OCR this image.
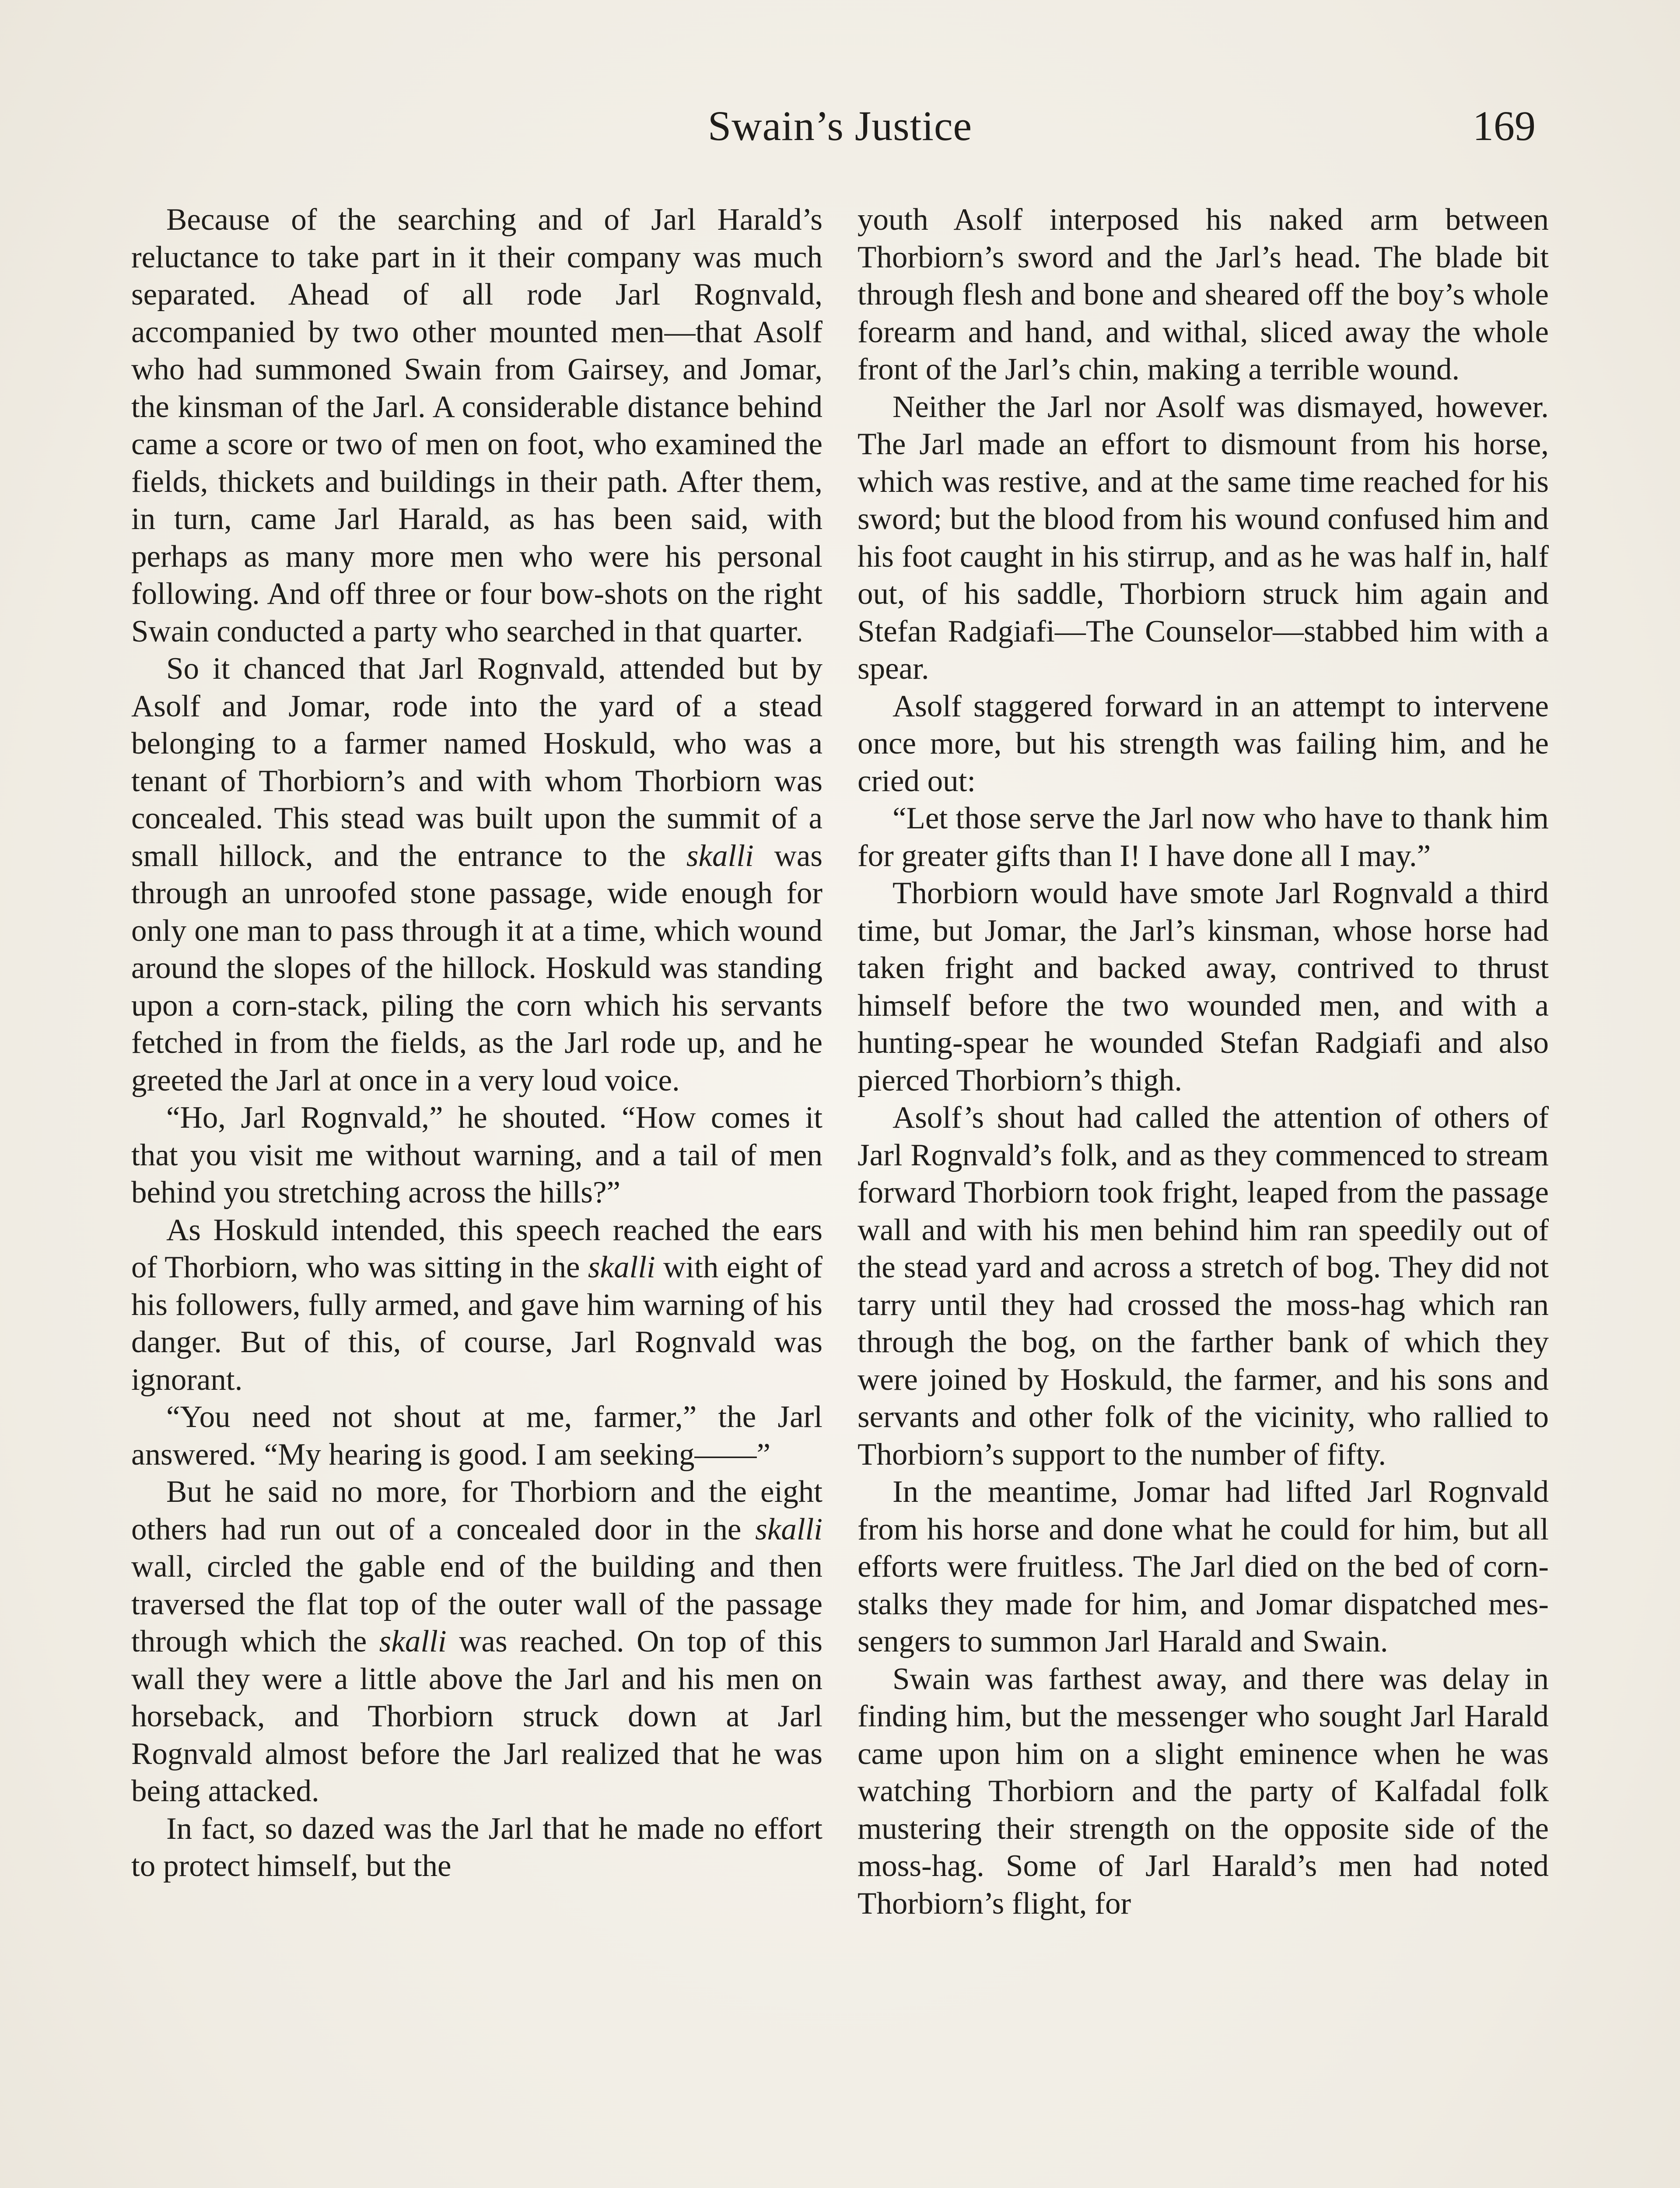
Swain’s Justice	169

Because of the searching and of Jarl Harald’s reluctance to take part in it their company was much separated. Ahead of all rode Jarl Rognvald, accompanied by two other mounted men—that Asolf who had summoned Swain from Gairsey, and Jomar, the kinsman of the Jarl. A considerable distance behind came a score or two of men on foot, who examined the fields, thickets and buildings in their path. After them, in turn, came Jarl Harald, as has been said, with perhaps as many more men who were his personal following. And off three or four bow-shots on the right Swain conducted a party who searched in that quarter.

So it chanced that Jarl Rognvald, attended but by Asolf and Jomar, rode into the yard of a stead belonging to a farmer named Hoskuld, who was a tenant of Thorbiorn’s and with whom Thorbiorn was concealed. This stead was built upon the summit of a small hillock, and the entrance to the skalli was through an unroofed stone passage, wide enough for only one man to pass through it at a time, which wound around the slopes of the hillock. Hoskuld was standing upon a corn-stack, piling the corn which his servants fetched in from the fields, as the Jarl rode up, and he greeted the Jarl at once in a very loud voice.

“Ho, Jarl Rognvald,” he shouted. “How comes it that you visit me without warning, and a tail of men behind you stretching across the hills?”

As Hoskuld intended, this speech reached the ears of Thorbiorn, who was sitting in the skalli with eight of his followers, fully armed, and gave him warning of his danger. But of this, of course, Jarl Rognvald was ignorant.

“You need not shout at me, farmer,” the Jarl answered. “My hearing is good. I am seeking——”

But he said no more, for Thorbiorn and the eight others had run out of a concealed door in the skalli wall, circled the gable end of the building and then traversed the flat top of the outer wall of the passage through which the skalli was reached. On top of this wall they were a little above the Jarl and his men on horseback, and Thorbiorn struck down at Jarl Rognvald almost before the Jarl realized that he was being attacked.

In fact, so dazed was the Jarl that he made no effort to protect himself, but the

youth Asolf interposed his naked arm between Thorbiorn’s sword and the Jarl’s head. The blade bit through flesh and bone and sheared off the boy’s whole forearm and hand, and withal, sliced away the whole front of the Jarl’s chin, making a terrible wound.

Neither the Jarl nor Asolf was dismayed, however. The Jarl made an effort to dismount from his horse, which was restive, and at the same time reached for his sword; but the blood from his wound confused him and his foot caught in his stirrup, and as he was half in, half out, of his saddle, Thorbiorn struck him again and Stefan Radgiafi—The Counselor—stabbed him with a spear.

Asolf staggered forward in an attempt to intervene once more, but his strength was failing him, and he cried out:

“Let those serve the Jarl now who have to thank him for greater gifts than I! I have done all I may.”

Thorbiorn would have smote Jarl Rognvald a third time, but Jomar, the Jarl’s kinsman, whose horse had taken fright and backed away, contrived to thrust himself before the two wounded men, and with a hunting-spear he wounded Stefan Radgiafi and also pierced Thorbiorn’s thigh.

Asolf’s shout had called the attention of others of Jarl Rognvald’s folk, and as they commenced to stream forward Thorbiorn took fright, leaped from the passage wall and with his men behind him ran speedily out of the stead yard and across a stretch of bog. They did not tarry until they had crossed the moss-hag which ran through the bog, on the farther bank of which they were joined by Hoskuld, the farmer, and his sons and servants and other folk of the vicinity, who rallied to Thorbiorn’s support to the number of fifty.

In the meantime, Jomar had lifted Jarl Rognvald from his horse and done what he could for him, but all efforts were fruitless. The Jarl died on the bed of corn-stalks they made for him, and Jomar dispatched messengers to summon Jarl Harald and Swain.

Swain was farthest away, and there was delay in finding him, but the messenger who sought Jarl Harald came upon him on a slight eminence when he was watching Thorbiorn and the party of Kalfadal folk mustering their strength on the opposite side of the moss-hag. Some of Jarl Harald’s men had noted Thorbiorn’s flight, for
